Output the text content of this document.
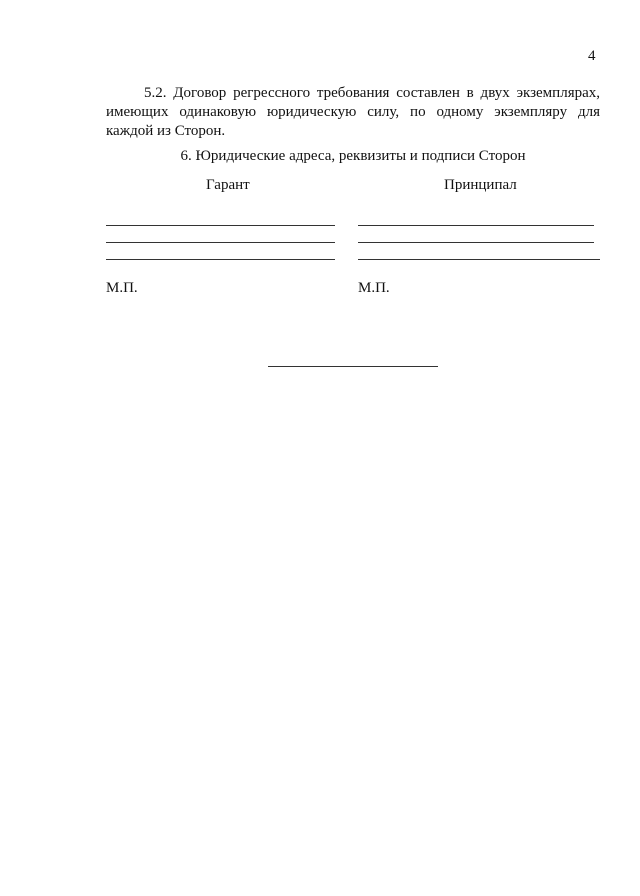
4

5.2. Договор регрессного требования составлен в двух экземплярах, имеющих одинаковую юридическую силу, по одному экземпляру для каждой из Сторон.

6. Юридические адреса, реквизиты и подписи Сторон
Гарант	Принципал
М.П.	М.П.
